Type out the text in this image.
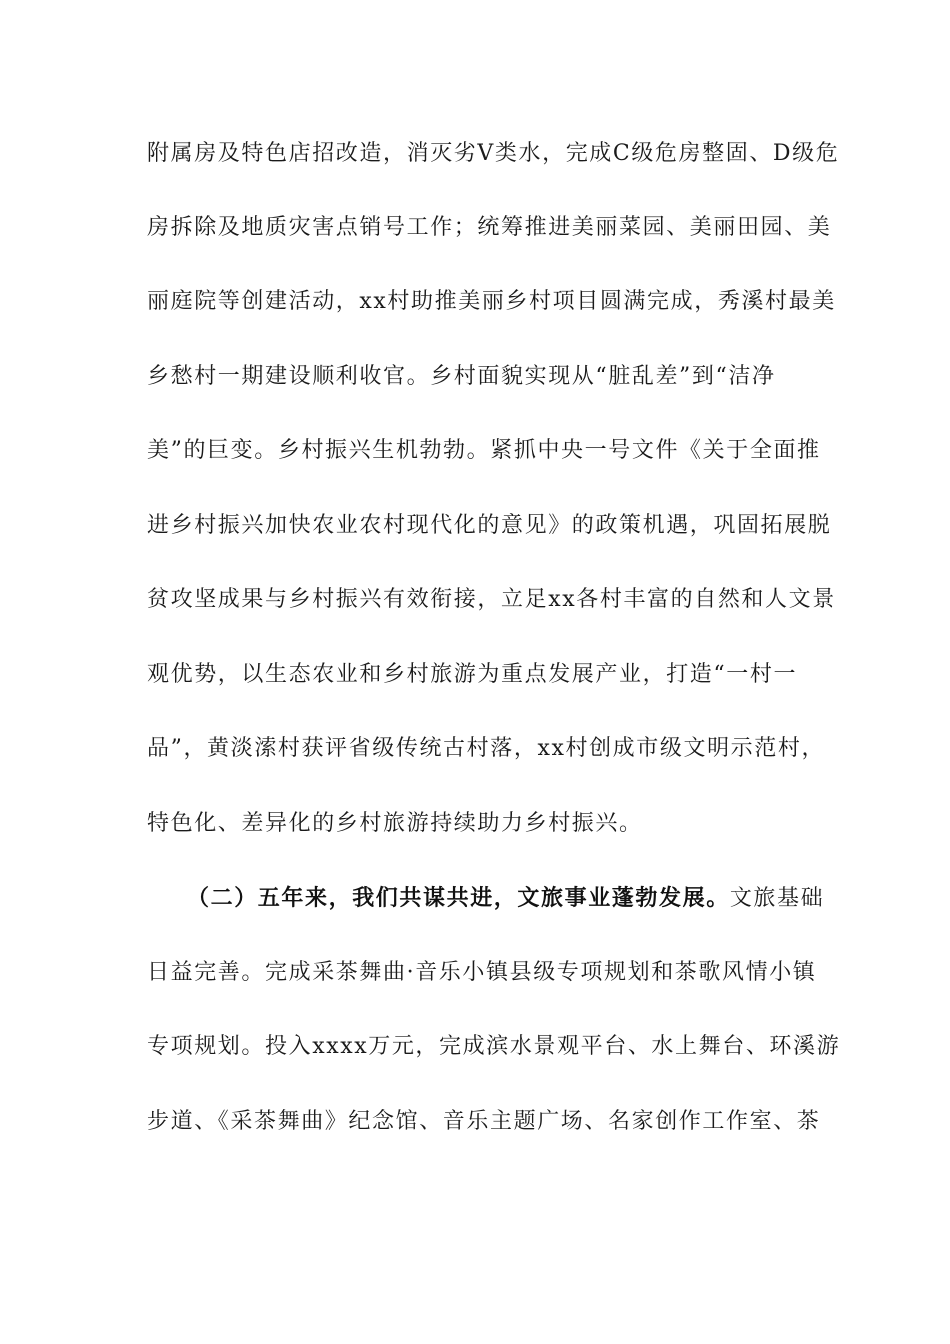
附属房及特色店招改造，消灭劣Ⅴ类水，完成C级危房整固、D级危
房拆除及地质灾害点销号工作；统筹推进美丽菜园、美丽田园、美
丽庭院等创建活动，xx村助推美丽乡村项目圆满完成，秀溪村最美
乡愁村一期建设顺利收官。乡村面貌实现从“脏乱差”到“洁净
美”的巨变。乡村振兴生机勃勃。紧抓中央一号文件《关于全面推
进乡村振兴加快农业农村现代化的意见》的政策机遇，巩固拓展脱
贫攻坚成果与乡村振兴有效衔接，立足xx各村丰富的自然和人文景
观优势，以生态农业和乡村旅游为重点发展产业，打造“一村一
品”，黄淡溹村获评省级传统古村落，xx村创成市级文明示范村，
特色化、差异化的乡村旅游持续助力乡村振兴。
（二）五年来，我们共谋共进，文旅事业蓬勃发展。文旅基础
日益完善。完成采茶舞曲·音乐小镇县级专项规划和茶歌风情小镇
专项规划。投入xxxx万元，完成滨水景观平台、水上舞台、环溪游
步道、《采茶舞曲》纪念馆、音乐主题广场、名家创作工作室、茶
